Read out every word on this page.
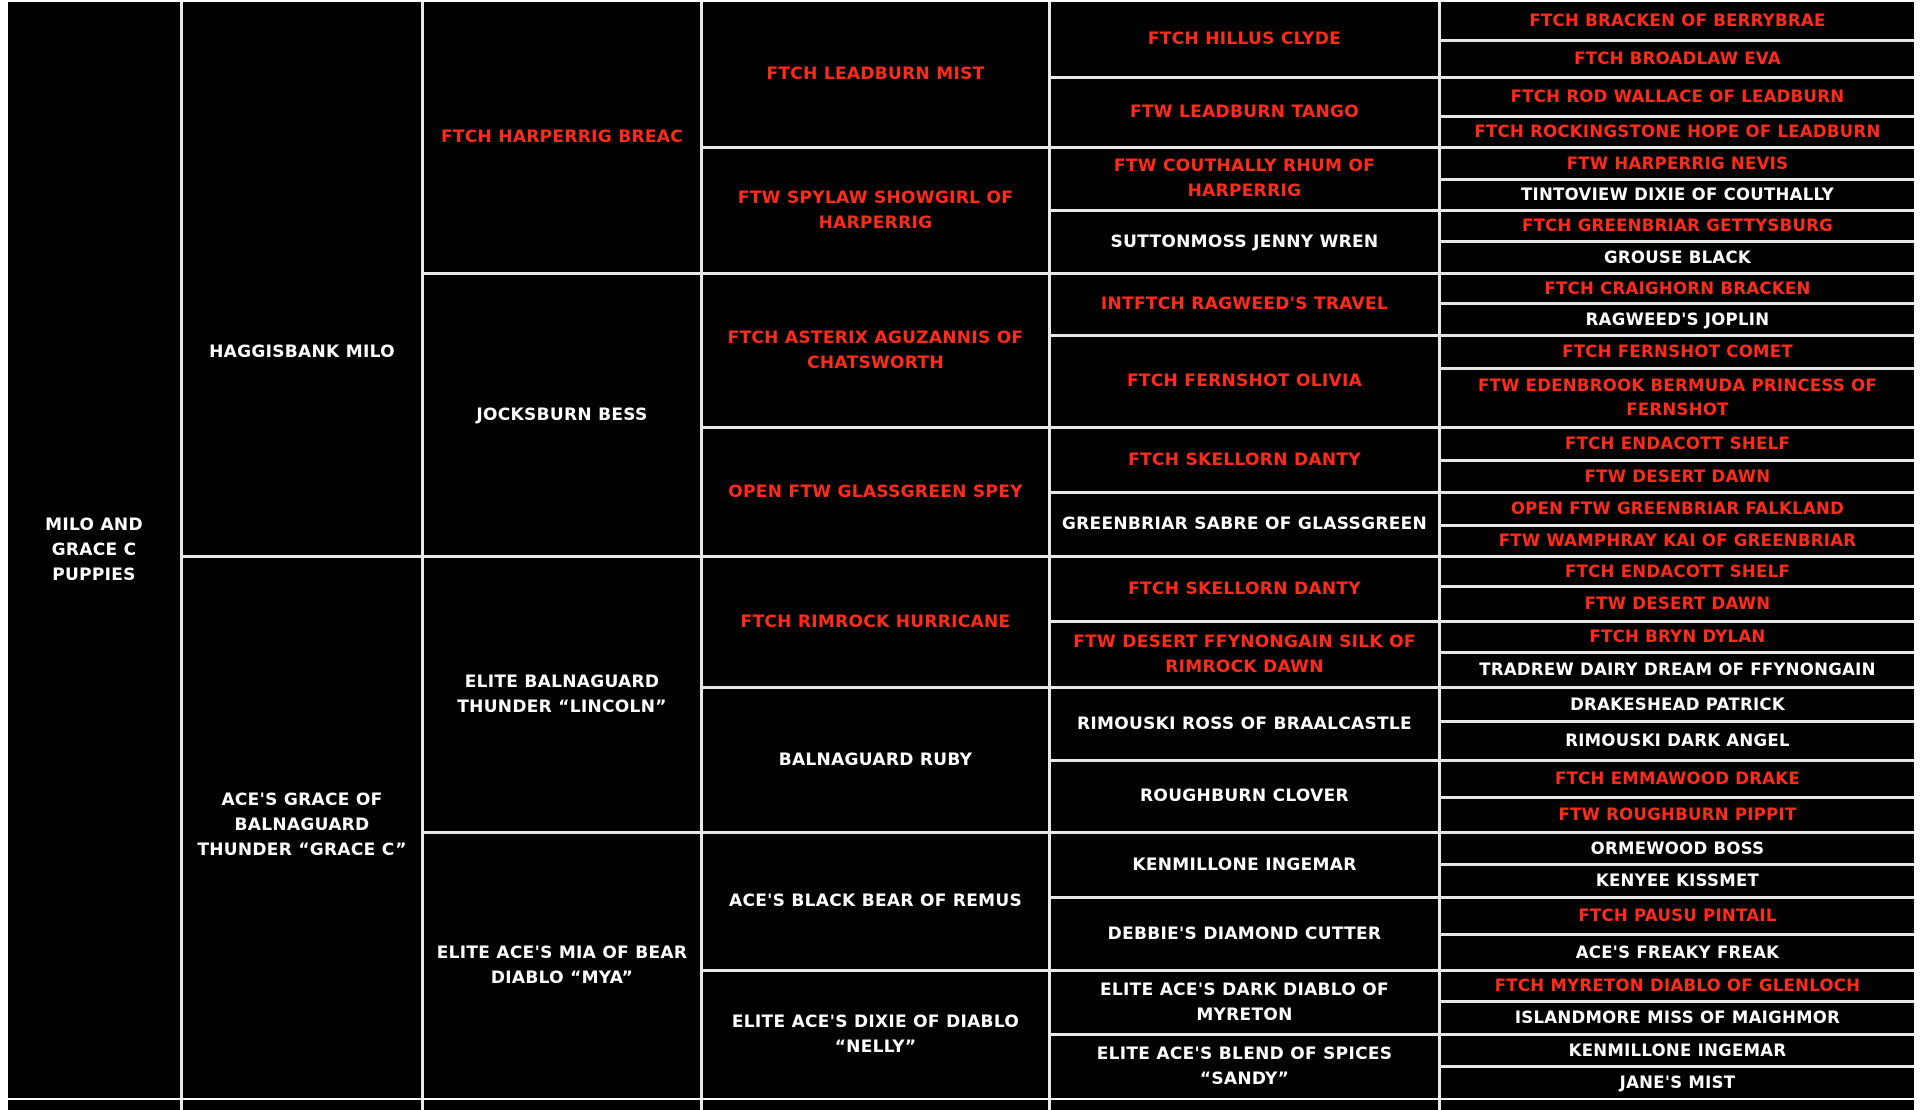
MILO AND GRACE C PUPPIES
HAGGISBANK MILO
ACE'S GRACE OF BALNAGUARD THUNDER “GRACE C”
FTCH HARPERRIG BREAC
JOCKSBURN BESS
ELITE BALNAGUARD THUNDER “LINCOLN”
ELITE ACE'S MIA OF BEAR DIABLO “MYA”
FTCH LEADBURN MIST
FTW SPYLAW SHOWGIRL OF HARPERRIG
FTCH ASTERIX AGUZANNIS OF CHATSWORTH
OPEN FTW GLASSGREEN SPEY
FTCH RIMROCK HURRICANE
BALNAGUARD RUBY
ACE'S BLACK BEAR OF REMUS
ELITE ACE'S DIXIE OF DIABLO “NELLY”
FTCH HILLUS CLYDE
FTW LEADBURN TANGO
FTW COUTHALLY RHUM OF HARPERRIG
SUTTONMOSS JENNY WREN
INTFTCH RAGWEED'S TRAVEL
FTCH FERNSHOT OLIVIA
FTCH SKELLORN DANTY
GREENBRIAR SABRE OF GLASSGREEN
FTCH SKELLORN DANTY
FTW DESERT FFYNONGAIN SILK OF RIMROCK DAWN
RIMOUSKI ROSS OF BRAALCASTLE
ROUGHBURN CLOVER
KENMILLONE INGEMAR
DEBBIE'S DIAMOND CUTTER
ELITE ACE'S DARK DIABLO OF MYRETON
ELITE ACE'S BLEND OF SPICES “SANDY”
FTCH BRACKEN OF BERRYBRAE
FTCH BROADLAW EVA
FTCH ROD WALLACE OF LEADBURN
FTCH ROCKINGSTONE HOPE OF LEADBURN
FTW HARPERRIG NEVIS
TINTOVIEW DIXIE OF COUTHALLY
FTCH GREENBRIAR GETTYSBURG
GROUSE BLACK
FTCH CRAIGHORN BRACKEN
RAGWEED'S JOPLIN
FTCH FERNSHOT COMET
FTW EDENBROOK BERMUDA PRINCESS OF FERNSHOT
FTCH ENDACOTT SHELF
FTW DESERT DAWN
OPEN FTW GREENBRIAR FALKLAND
FTW WAMPHRAY KAI OF GREENBRIAR
FTCH ENDACOTT SHELF
FTW DESERT DAWN
FTCH BRYN DYLAN
TRADREW DAIRY DREAM OF FFYNONGAIN
DRAKESHEAD PATRICK
RIMOUSKI DARK ANGEL
FTCH EMMAWOOD DRAKE
FTW ROUGHBURN PIPPIT
ORMEWOOD BOSS
KENYEE KISSMET
FTCH PAUSU PINTAIL
ACE'S FREAKY FREAK
FTCH MYRETON DIABLO OF GLENLOCH
ISLANDMORE MISS OF MAIGHMOR
KENMILLONE INGEMAR
JANE'S MIST
